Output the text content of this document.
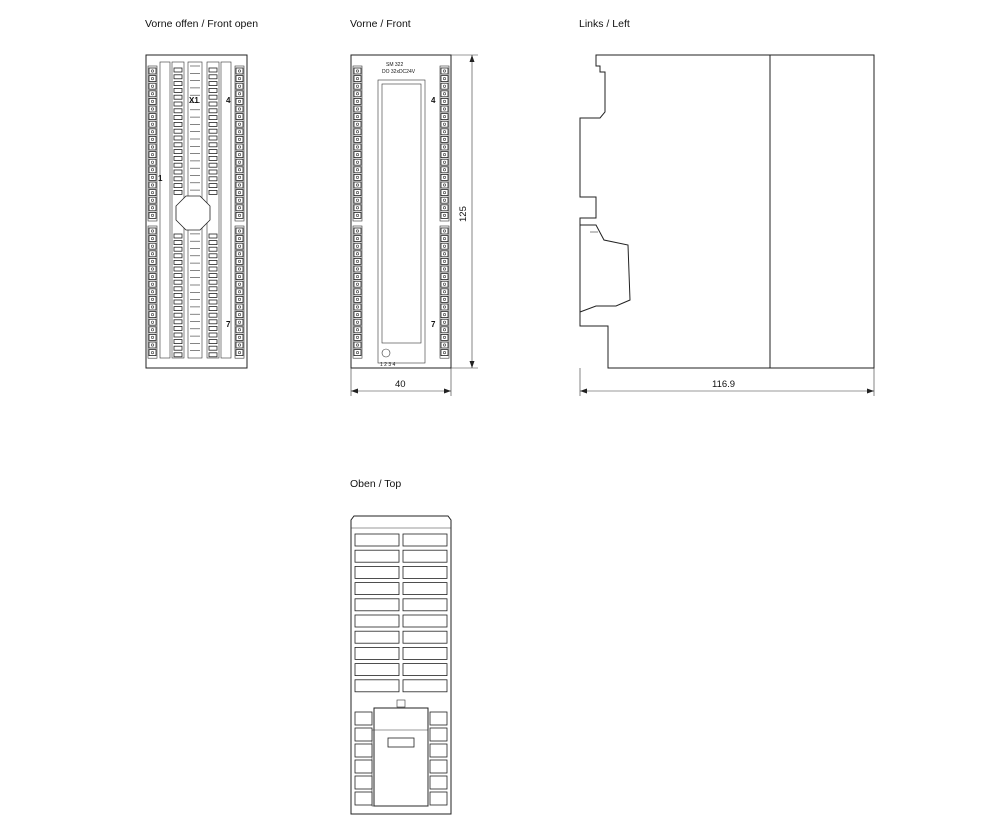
Vorne offen / Front open	Vorne / Front	Links / Left
Oben / Top
X1
1
4
7
SM 322
DO 32xDC24V
1 2 3 4
4
7
125
40	116.9
